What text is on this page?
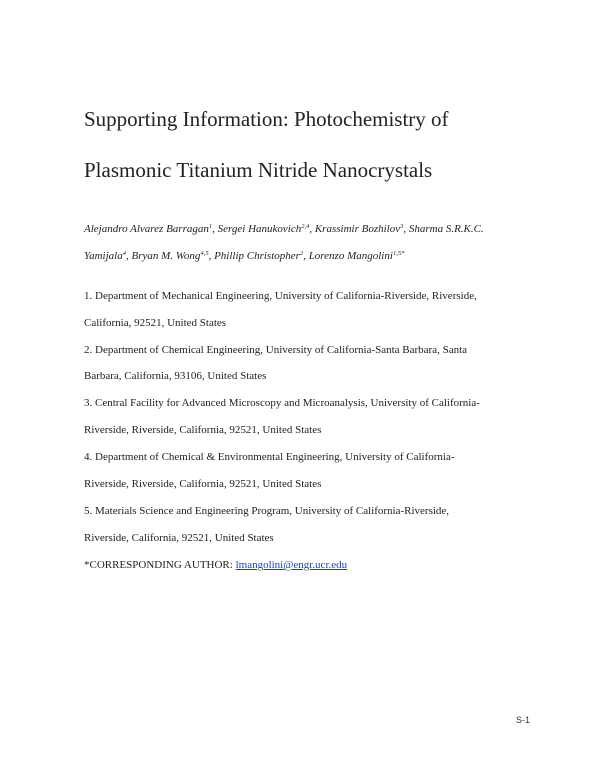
Supporting Information: Photochemistry of
Plasmonic Titanium Nitride Nanocrystals
Alejandro Alvarez Barragan$^1$, Sergei Hanukovich$^{2,4}$, Krassimir Bozhilov$^3$, Sharma S.R.K.C.
Yamijala$^4$, Bryan M. Wong$^{4,5}$, Phillip Christopher$^2$, Lorenzo Mangolini$^{1,5*}$
1. Department of Mechanical Engineering, University of California-Riverside, Riverside,
California, 92521, United States
2. Department of Chemical Engineering, University of California-Santa Barbara, Santa
Barbara, California, 93106, United States
3. Central Facility for Advanced Microscopy and Microanalysis, University of California-
Riverside, Riverside, California, 92521, United States
4. Department of Chemical & Environmental Engineering, University of California-
Riverside, Riverside, California, 92521, United States
5. Materials Science and Engineering Program, University of California-Riverside,
Riverside, California, 92521, United States
*CORRESPONDING AUTHOR: lmangolini@engr.ucr.edu
S-1
